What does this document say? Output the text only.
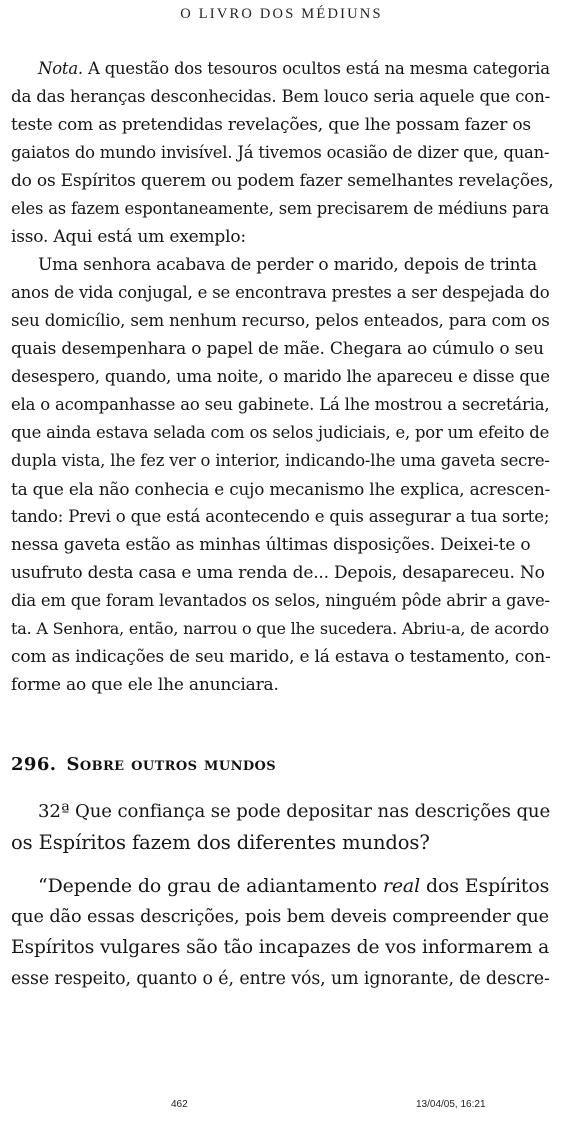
O LIVRO DOS MÉDIUNS
Nota. A questão dos tesouros ocultos está na mesma categoria
da das heranças desconhecidas. Bem louco seria aquele que con-
teste com as pretendidas revelações, que lhe possam fazer os
gaiatos do mundo invisível. Já tivemos ocasião de dizer que, quan-
do os Espíritos querem ou podem fazer semelhantes revelações,
eles as fazem espontaneamente, sem precisarem de médiuns para
isso. Aqui está um exemplo:
Uma senhora acabava de perder o marido, depois de trinta
anos de vida conjugal, e se encontrava prestes a ser despejada do
seu domicílio, sem nenhum recurso, pelos enteados, para com os
quais desempenhara o papel de mãe. Chegara ao cúmulo o seu
desespero, quando, uma noite, o marido lhe apareceu e disse que
ela o acompanhasse ao seu gabinete. Lá lhe mostrou a secretária,
que ainda estava selada com os selos judiciais, e, por um efeito de
dupla vista, lhe fez ver o interior, indicando-lhe uma gaveta secre-
ta que ela não conhecia e cujo mecanismo lhe explica, acrescen-
tando: Previ o que está acontecendo e quis assegurar a tua sorte;
nessa gaveta estão as minhas últimas disposições. Deixei-te o
usufruto desta casa e uma renda de... Depois, desapareceu. No
dia em que foram levantados os selos, ninguém pôde abrir a gave-
ta. A Senhora, então, narrou o que lhe sucedera. Abriu-a, de acordo
com as indicações de seu marido, e lá estava o testamento, con-
forme ao que ele lhe anunciara.
296. Sobre outros mundos
32ª Que confiança se pode depositar nas descrições que
os Espíritos fazem dos diferentes mundos?
“Depende do grau de adiantamento real dos Espíritos
que dão essas descrições, pois bem deveis compreender que
Espíritos vulgares são tão incapazes de vos informarem a
esse respeito, quanto o é, entre vós, um ignorante, de descre-
462	13/04/05, 16:21
